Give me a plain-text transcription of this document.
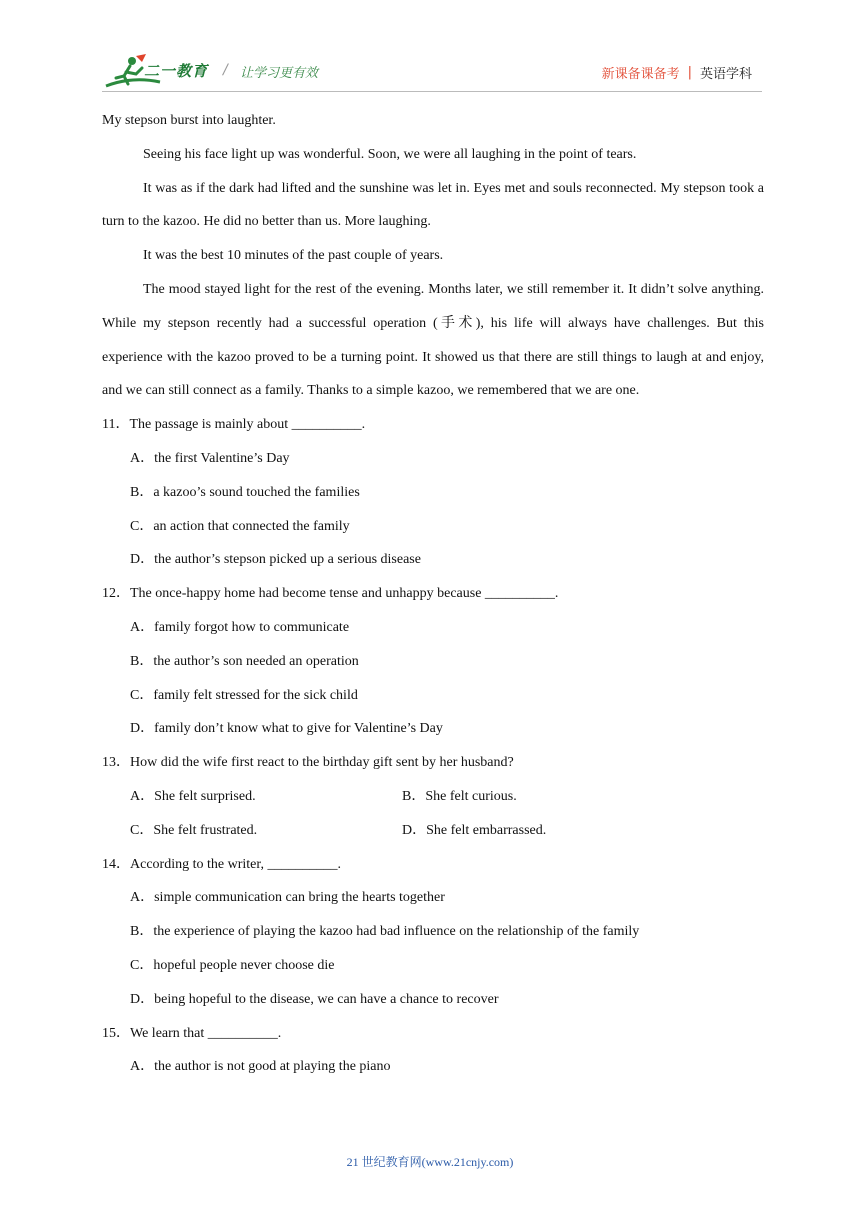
二一教育 / 让学习更有效	新课备课备考 | 英语学科

My stepson burst into laughter.

Seeing his face light up was wonderful. Soon, we were all laughing in the point of tears.

It was as if the dark had lifted and the sunshine was let in. Eyes met and souls reconnected. My stepson took a turn to the kazoo. He did no better than us. More laughing.

It was the best 10 minutes of the past couple of years.

The mood stayed light for the rest of the evening. Months later, we still remember it. It didn’t solve anything. While my stepson recently had a successful operation (手术), his life will always have challenges. But this experience with the kazoo proved to be a turning point. It showed us that there are still things to laugh at and enjoy, and we can still connect as a family. Thanks to a simple kazoo, we remembered that we are one.

11．The passage is mainly about __________.

A．the first Valentine’s Day

B．a kazoo’s sound touched the families

C．an action that connected the family

D．the author’s stepson picked up a serious disease

12．The once-happy home had become tense and unhappy because __________.

A．family forgot how to communicate

B．the author’s son needed an operation

C．family felt stressed for the sick child

D．family don’t know what to give for Valentine’s Day

13．How did the wife first react to the birthday gift sent by her husband?

A．She felt surprised.	B．She felt curious.
C．She felt frustrated.	D．She felt embarrassed.

14．According to the writer, __________.

A．simple communication can bring the hearts together

B．the experience of playing the kazoo had bad influence on the relationship of the family

C．hopeful people never choose die

D．being hopeful to the disease, we can have a chance to recover

15．We learn that __________.

A．the author is not good at playing the piano

21 世纪教育网(www.21cnjy.com)
